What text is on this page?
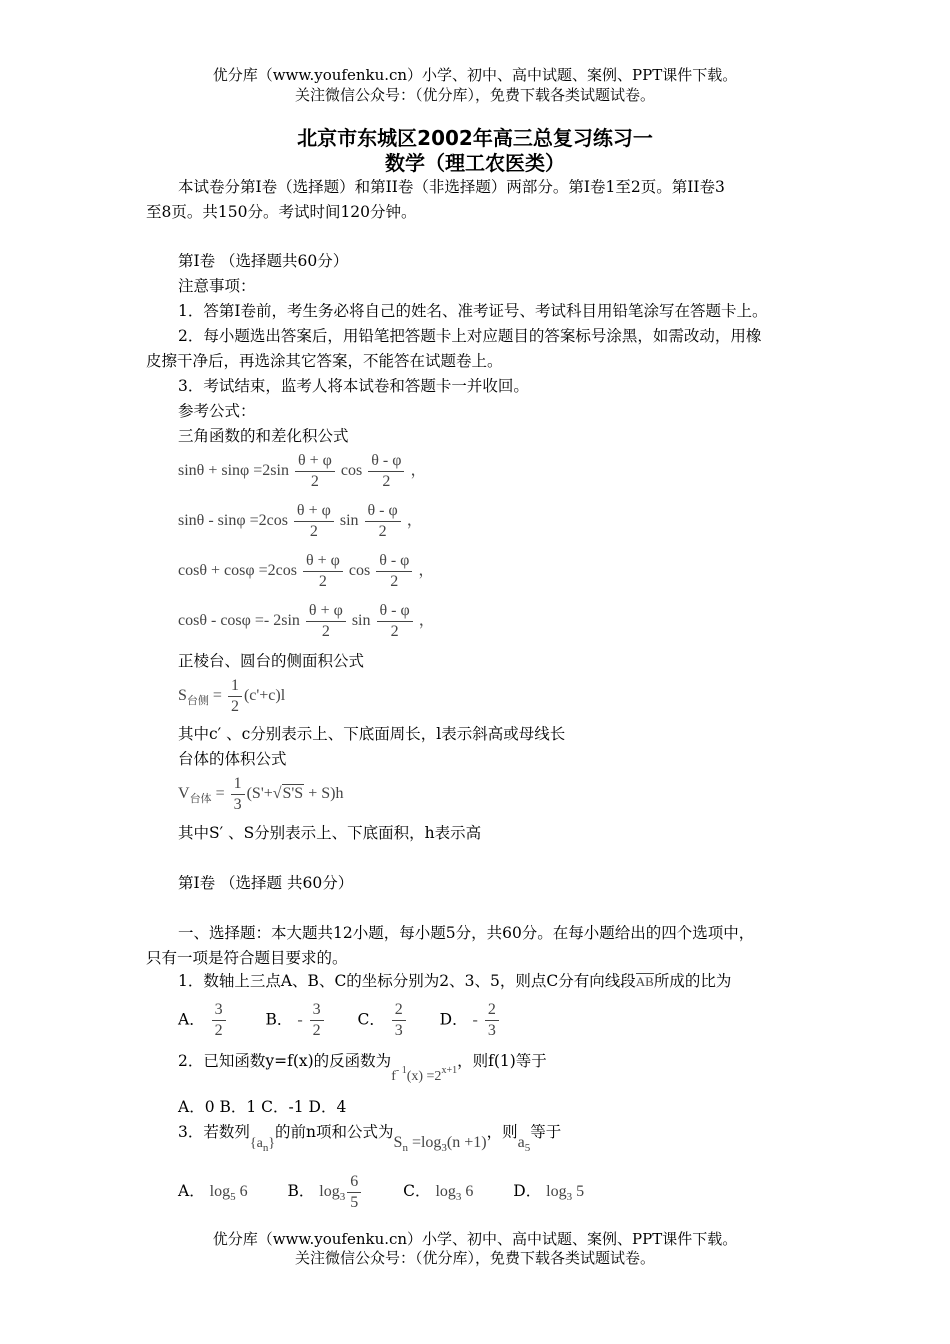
优分库（www.youfenku.cn）小学、初中、高中试题、案例、PPT课件下载。
关注微信公众号：（优分库），免费下载各类试题试卷。
北京市东城区2002年高三总复习练习一
数学（理工农医类）
本试卷分第I卷（选择题）和第II卷（非选择题）两部分。第I卷1至2页。第II卷3
至8页。共150分。考试时间120分钟。
第I卷 （选择题共60分）
注意事项：
1．答第I卷前，考生务必将自己的姓名、准考证号、考试科目用铅笔涂写在答题卡上。
2．每小题选出答案后，用铅笔把答题卡上对应题目的答案标号涂黑，如需改动，用橡
皮擦干净后，再选涂其它答案，不能答在试题卷上。
3．考试结束，监考人将本试卷和答题卡一并收回。
参考公式：
三角函数的和差化积公式
$\sin\theta + \sin\varphi =2\sin \frac{\theta + \varphi}{2}$ $\cos \frac{\theta - \varphi}{2}$ ，
$\sin\theta - \sin\varphi =2\cos \frac{\theta + \varphi}{2}$ $\sin \frac{\theta - \varphi}{2}$ ，
$\cos\theta + \cos\varphi =2\cos \frac{\theta + \varphi}{2}$ $\cos \frac{\theta - \varphi}{2}$ ，
$\cos\theta - \cos\varphi =- 2\sin \frac{\theta + \varphi}{2}$ $\sin \frac{\theta - \varphi}{2}$ ，
正棱台、圆台的侧面积公式
$S_{台侧} = \frac{1}{2} (c'+c)l$
其中c′ 、c分别表示上、下底面周长，l表示斜高或母线长
台体的体积公式
$V_{台体} = \frac{1}{3} (S'+√S'S + S)h$
其中S′ 、S分别表示上、下底面积，h表示高
第I卷 （选择题 共60分）
一、选择题：本大题共12小题，每小题5分，共60分。在每小题给出的四个选项中，
只有一项是符合题目要求的。
1．数轴上三点A、B、C的坐标分别为2、3、5，则点C分有向线段AB所成的比为
A． $\frac{3}{2}$	B． - $\frac{3}{2}$ C． $\frac{2}{3}$ D． - $\frac{2}{3}$
2．已知函数y=f(x)的反函数为$f^{- 1}(x) =2^{x+1}$，则f(1)等于
A．0 B．1 C．-1 D．4
3．若数列$\{a_n\}$的前n项和公式为$S_n =\log_3(n +1)$，则$a_5$等于
A． $\log_5 6$	B． $\log_3 \frac{6}{5}$	C． $\log_3 6$	D． $\log_3 5$
优分库（www.youfenku.cn）小学、初中、高中试题、案例、PPT课件下载。
关注微信公众号：（优分库），免费下载各类试题试卷。
